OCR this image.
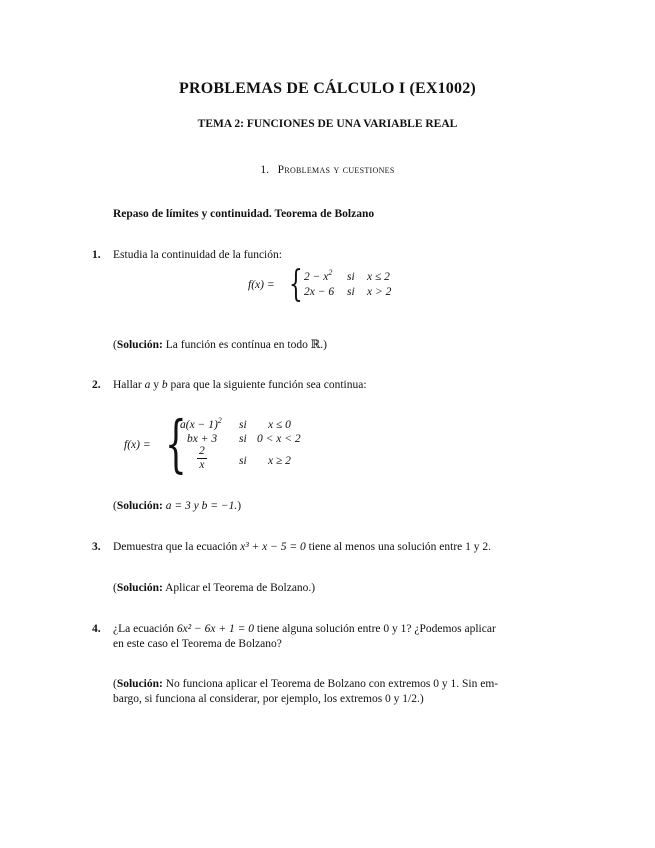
PROBLEMAS DE CÁLCULO I (EX1002)
TEMA 2: FUNCIONES DE UNA VARIABLE REAL
1. Problemas y cuestiones
Repaso de límites y continuidad. Teorema de Bolzano
1. Estudia la continuidad de la función:
f(x) = { $2 - x^2$ si x ≤ 2
2x − 6 si x > 2
(Solución: La función es contínua en todo ℝ.)
2. Hallar a y b para que la siguiente función sea continua:
f(x) = {
$a(x - 1)^2$ si x ≤ 0
bx + 3 si 0 < x < 2
$\frac{2}{x}$	si x ≥ 2
(Solución: a = 3 y b = −1.)
3. Demuestra que la ecuación x³ + x − 5 = 0 tiene al menos una solución entre 1 y 2.
(Solución: Aplicar el Teorema de Bolzano.)
4. ¿La ecuación 6x² − 6x + 1 = 0 tiene alguna solución entre 0 y 1? ¿Podemos aplicar
en este caso el Teorema de Bolzano?
(Solución: No funciona aplicar el Teorema de Bolzano con extremos 0 y 1. Sin em-
bargo, si funciona al considerar, por ejemplo, los extremos 0 y 1/2.)
